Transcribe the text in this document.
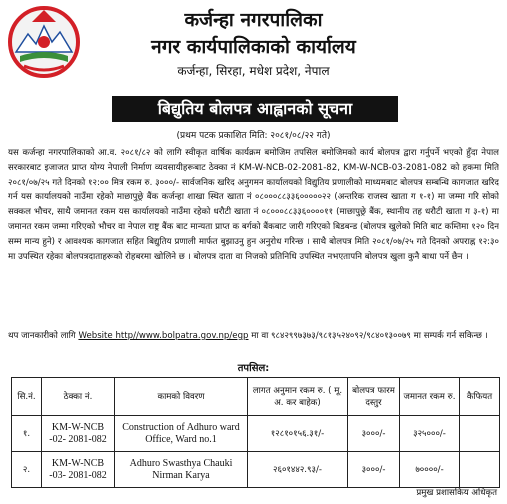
कर्जन्हा नगरपालिका
नगर कार्यपालिकाको कार्यालय
कर्जन्हा, सिरहा, मधेश प्रदेश, नेपाल
बिद्युतिय बोलपत्र आह्वानको सूचना
(प्रथम पटक प्रकाशित मिति: २०८१/०८/२२ गते)

यस कर्जन्हा नगरपालिकाको आ.व. २०८१/८२ को लागि स्वीकृत वार्षिक कार्यक्रम बमोजिम तपसिल बमोजिमको कार्य बोलपत्र द्वारा गर्नुपर्ने भएको हुँदा नेपाल सरकारबाट इजाजत प्राप्त योग्य नेपाली निर्माण व्यवसायीहरूबाट ठेक्का नं KM-W-NCB-02-2081-82, KM-W-NCB-03-2081-082 को हकमा मिति २०८१/०७/२५ गते दिनको १२:०० मित्र रकम रु. ३०००/- सार्वजनिक खरिद अनुगमन कार्यालयको विद्युतिय प्रणालीको माध्यमबाट बोलपत्र सम्बन्धि कागजात खरिद गर्न यस कार्यालयको नाउँमा रहेको माछापुछ्रे बैंक कर्जन्हा शाखा स्थित खाता नं ०८०००८८३३६०००००२२ (अन्तरिक राजस्व खाता ग १-१) मा जम्मा गरि सोको सक्कल भौचर, साथै जमानत रकम यस कार्यालयको नाउँमा रहेको धरौटी खाता नं ०८०००८८३३६००००११ (माछापुछ्रे बैंक, स्थानीय तह धरौटी खाता ग ३-१) मा जमानत रकम जम्मा गरिएको भौचर वा नेपाल राष्ट्र बैंक बाट मान्यता प्राप्त क बर्गको बैंकबाट जारी गरिएको बिडबन्ड (बोलपत्र खुलेको मिति बाट कम्तिमा १२० दिन सम्म मान्य हुने) र आवश्यक कागजात सहित बिद्युतिय प्रणाली मार्फत बुझाउनु हुन अनुरोध गरिन्छ । साथै बोलपत्र मिति २०८१/०७/२५ गते दिनको अपराह्न १२:३० मा उपस्थित रहेका बोलपत्रदाताहरूको रोहबरमा खोलिने छ । बोलपत्र दाता वा निजको प्रतिनिधि उपस्थित नभएतापनि बोलपत्र खुला कुनै बाधा पर्ने छैन ।

थप जानकारीको लागि Website http//www.bolpatra.gov.np/egp मा वा ९८४२९९७३७३/९८१३५२४०९२/९८४०१३००७९ मा सम्पर्क गर्न सकिन्छ ।
तपसिल:
सि.नं.	ठेक्का नं.	कामको विवरण	लागत अनुमान रकम रु. ( मू. अ. कर बाहेक)	बोलपत्र फारम दस्तुर	जमानत रकम रु.	कैफियत
१.	KM-W-NCB -02- 2081-082	Construction of Adhuro ward Office, Ward no.1	१२८१०१५६.३१/-	३०००/-	३२५०००/-	
२.	KM-W-NCB -03- 2081-082	Adhuro Swasthya Chauki Nirman Karya	२६०१४४२.९३/-	३०००/-	७००००/-	
प्रमुख प्रशासकिय अधिकृत
